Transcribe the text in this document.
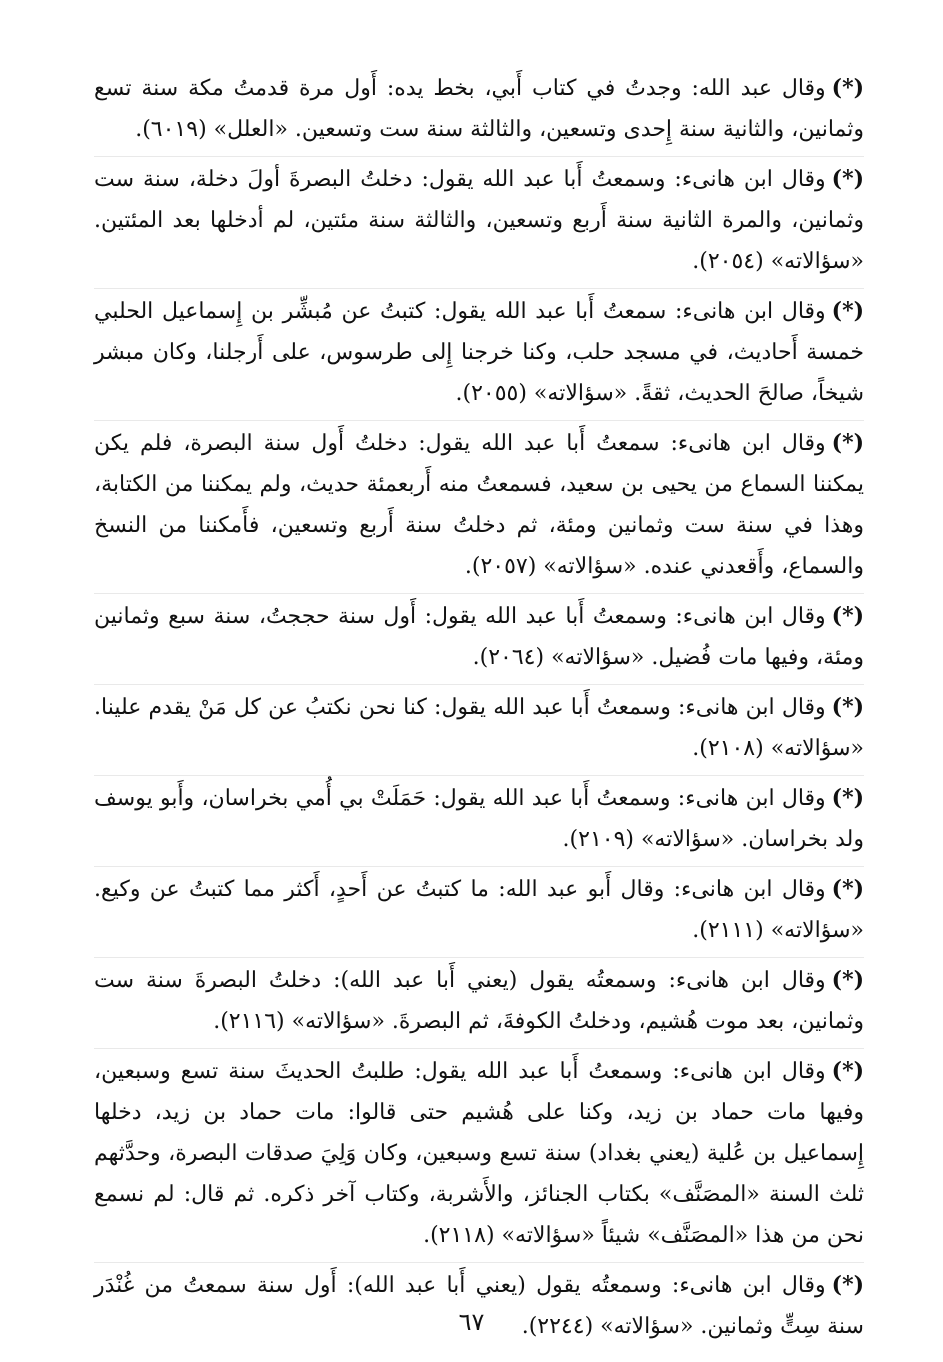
(*)وقال عبد الله: وجدتُ في كتاب أَبي، بخط يده: أَول مرة قدمتُ مكة سنة تسع وثمانين، والثانية سنة إِحدى وتسعين، والثالثة سنة ست وتسعين. «العلل» (٦٠١٩).

(*)وقال ابن هانىء: وسمعتُ أَبا عبد الله يقول: دخلتُ البصرةَ أولَ دخلة، سنة ست وثمانين، والمرة الثانية سنة أَربع وتسعين، والثالثة سنة مئتين، لم أدخلها بعد المئتين. «سؤالاته» (٢٠٥٤).

(*)وقال ابن هانىء: سمعتُ أَبا عبد الله يقول: كتبتُ عن مُبشِّر بن إِسماعيل الحلبي خمسة أَحاديث، في مسجد حلب، وكنا خرجنا إِلى طرسوس، على أَرجلنا، وكان مبشر شيخاً، صالحَ الحديث، ثقةً. «سؤالاته» (٢٠٥٥).

(*)وقال ابن هانىء: سمعتُ أَبا عبد الله يقول: دخلتُ أَول سنة البصرة، فلم يكن يمكننا السماع من يحيى بن سعيد، فسمعتُ منه أَربعمئة حديث، ولم يمكننا من الكتابة، وهذا في سنة ست وثمانين ومئة، ثم دخلتُ سنة أَربع وتسعين، فأَمكننا من النسخ والسماع، وأَقعدني عنده. «سؤالاته» (٢٠٥٧).

(*)وقال ابن هانىء: وسمعتُ أَبا عبد الله يقول: أَول سنة حججتُ، سنة سبع وثمانين ومئة، وفيها مات فُضيل. «سؤالاته» (٢٠٦٤).

(*)وقال ابن هانىء: وسمعتُ أَبا عبد الله يقول: كنا نحن نكتبُ عن كل مَنْ يقدم علينا. «سؤالاته» (٢١٠٨).

(*)وقال ابن هانىء: وسمعتُ أَبا عبد الله يقول: حَمَلَتْ بي أُمي بخراسان، وأَبو يوسف ولد بخراسان. «سؤالاته» (٢١٠٩).

(*)وقال ابن هانىء: وقال أَبو عبد الله: ما كتبتُ عن أَحدٍ، أَكثر مما كتبتُ عن وكيع. «سؤالاته» (٢١١١).

(*)وقال ابن هانىء: وسمعتُه يقول (يعني أَبا عبد الله): دخلتُ البصرةَ سنة ست وثمانين، بعد موت هُشيم، ودخلتُ الكوفةَ، ثم البصرةَ. «سؤالاته» (٢١١٦).

(*)وقال ابن هانىء: وسمعتُ أَبا عبد الله يقول: طلبتُ الحديثَ سنة تسع وسبعين، وفيها مات حماد بن زيد، وكنا على هُشيم حتى قالوا: مات حماد بن زيد، دخلها إِسماعيل بن عُلية (يعني بغداد) سنة تسع وسبعين، وكان وَلِيَ صدقات البصرة، وحدَّثهم ثلث السنة «المصَنَّف» بكتاب الجنائز، والأَشربة، وكتاب آخر ذكره. ثم قال: لم نسمع نحن من هذا «المصَنَّف» شيئاً «سؤالاته» (٢١١٨).

(*)وقال ابن هانىء: وسمعتُه يقول (يعني أَبا عبد الله): أَول سنة سمعتُ من غُنْدَر سنة سِتٍّ وثمانين. «سؤالاته» (٢٢٤٤).

٦٧
